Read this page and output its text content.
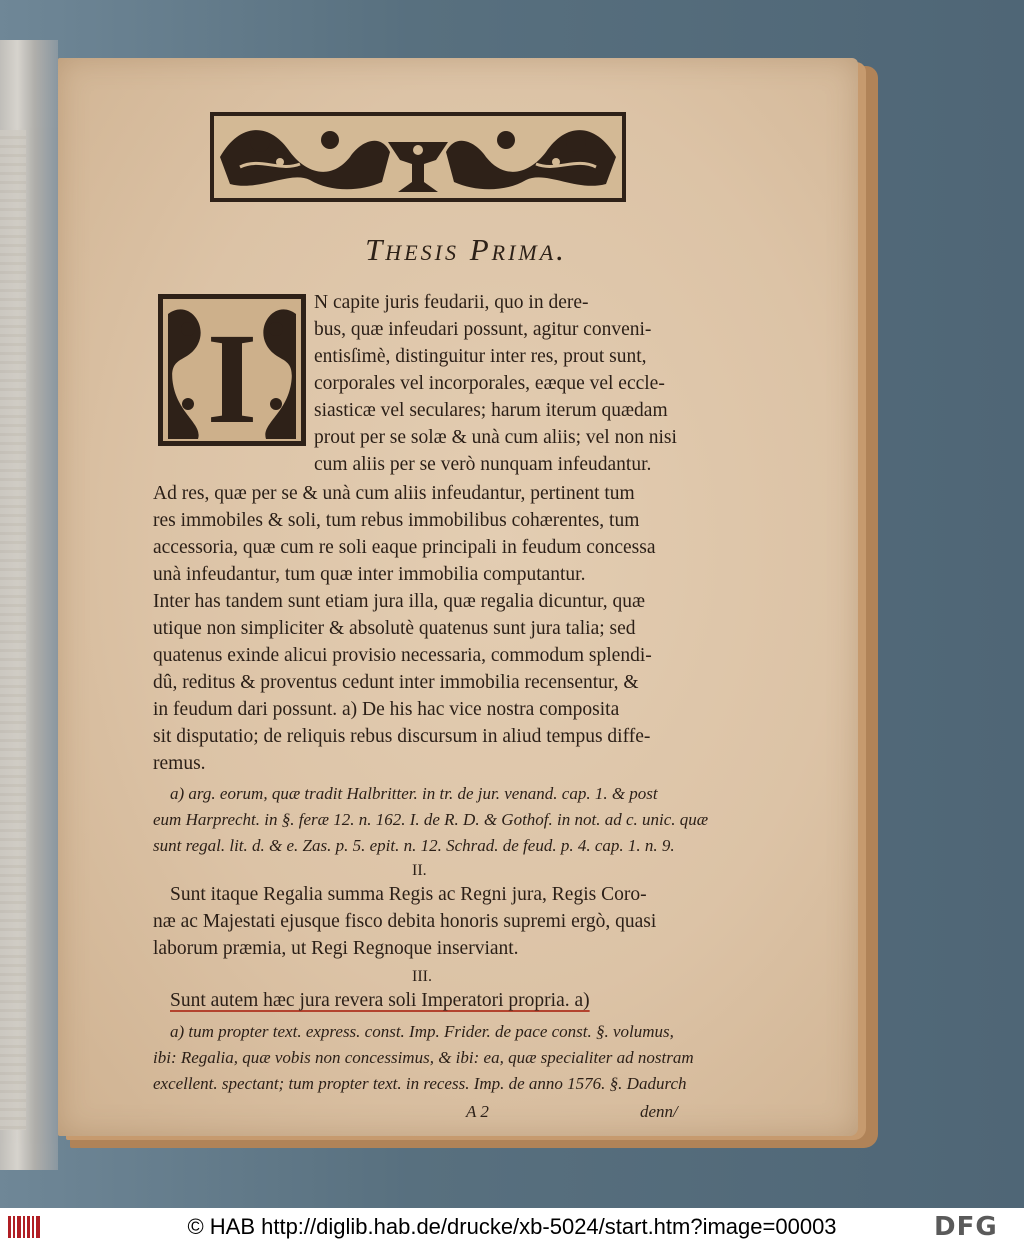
Thesis Prima.
I
N capite juris feudarii, quo in dere-
bus, quæ infeudari possunt, agitur conveni-
entisſimè, distinguitur inter res, prout sunt,
corporales vel incorporales, eæque vel eccle-
siasticæ vel seculares; harum iterum quædam
prout per se solæ & unà cum aliis; vel non nisi
cum aliis per se verò nunquam infeudantur.
Ad res, quæ per se & unà cum aliis infeudantur, pertinent tum
res immobiles & soli, tum rebus immobilibus cohærentes, tum
accessoria, quæ cum re soli eaque principali in feudum concessa
unà infeudantur, tum quæ inter immobilia computantur.
Inter has tandem sunt etiam jura illa, quæ regalia dicuntur, quæ
utique non simpliciter & absolutè quatenus sunt jura talia; sed
quatenus exinde alicui provisio necessaria, commodum splendi-
dû, reditus & proventus cedunt inter immobilia recensentur, &
in feudum dari possunt. a) De his hac vice nostra composita
sit disputatio; de reliquis rebus discursum in aliud tempus diffe-
remus.
a) arg. eorum, quæ tradit Halbritter. in tr. de jur. venand. cap. 1. & post
eum Harprecht. in §. feræ 12. n. 162. I. de R. D. & Gothof. in not. ad c. unic. quæ
sunt regal. lit. d. & e. Zas. p. 5. epit. n. 12. Schrad. de feud. p. 4. cap. 1. n. 9.
II.
Sunt itaque Regalia summa Regis ac Regni jura, Regis Coro-
næ ac Majestati ejusque fisco debita honoris supremi ergò, quasi
laborum præmia, ut Regi Regnoque inserviant.
III.
Sunt autem hæc jura revera soli Imperatori propria. a)
a) tum propter text. express. const. Imp. Frider. de pace const. §. volumus,
ibi: Regalia, quæ vobis non concessimus, & ibi: ea, quæ specialiter ad nostram
excellent. spectant; tum propter text. in recess. Imp. de anno 1576. §. Dadurch
A 2	denn/
© HAB http://diglib.hab.de/drucke/xb-5024/start.htm?image=00003	DFG
